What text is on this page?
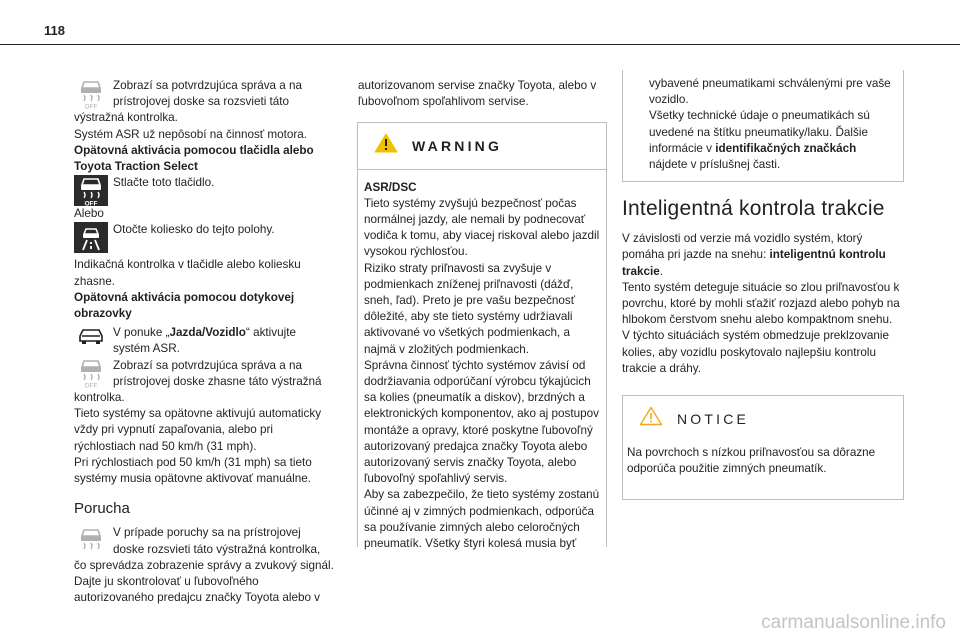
118
OFF
Zobrazí sa potvrdzujúca správa a na
prístrojovej doske sa rozsvieti táto
výstražná kontrolka.
Systém ASR už nepôsobí na činnosť motora.
Opätovná aktivácia pomocou tlačidla alebo Toyota Traction Select
OFF
Stlačte toto tlačidlo.
Alebo
Otočte koliesko do tejto polohy.
Indikačná kontrolka v tlačidle alebo koliesku zhasne.
Opätovná aktivácia pomocou dotykovej obrazovky
V ponuke „Jazda/Vozidlo“ aktivujte systém ASR.
OFF
Zobrazí sa potvrdzujúca správa a na
prístrojovej doske zhasne táto výstražná
kontrolka.
Tieto systémy sa opätovne aktivujú automaticky vždy pri vypnutí zapaľovania, alebo pri rýchlostiach nad 50 km/h (31 mph).
Pri rýchlostiach pod 50 km/h (31 mph) sa tieto systémy musia opätovne aktivovať manuálne.
Porucha
V prípade poruchy sa na prístrojovej
doske rozsvieti táto výstražná kontrolka,
čo sprevádza zobrazenie správy a zvukový signál.
Dajte ju skontrolovať u ľubovoľného autorizovaného predajcu značky Toyota alebo v
autorizovanom servise značky Toyota, alebo v ľubovoľnom spoľahlivom servise.
WARNING
ASR/DSC
Tieto systémy zvyšujú bezpečnosť počas normálnej jazdy, ale nemali by podnecovať vodiča k tomu, aby viacej riskoval alebo jazdil vysokou rýchlosťou.
Riziko straty priľnavosti sa zvyšuje v podmienkach zníženej priľnavosti (dážď, sneh, ľad). Preto je pre vašu bezpečnosť dôležité, aby ste tieto systémy udržiavali aktivované vo všetkých podmienkach, a najmä v zložitých podmienkach.
Správna činnosť týchto systémov závisí od dodržiavania odporúčaní výrobcu týkajúcich sa kolies (pneumatík a diskov), brzdných a elektronických komponentov, ako aj postupov montáže a opravy, ktoré poskytne ľubovoľný autorizovaný predajca značky Toyota alebo autorizovaný servis značky Toyota, alebo ľubovoľný spoľahlivý servis.
Aby sa zabezpečilo, že tieto systémy zostanú účinné aj v zimných podmienkach, odporúča sa používanie zimných alebo celoročných pneumatík. Všetky štyri kolesá musia byť
vybavené pneumatikami schválenými pre vaše vozidlo.
Všetky technické údaje o pneumatikách sú uvedené na štítku pneumatiky/laku. Ďalšie informácie v identifikačných značkách nájdete v príslušnej časti.
Inteligentná kontrola trakcie
V závislosti od verzie má vozidlo systém, ktorý pomáha pri jazde na snehu: inteligentnú kontrolu trakcie.
Tento systém deteguje situácie so zlou priľnavosťou k povrchu, ktoré by mohli sťažiť rozjazd alebo pohyb na hlbokom čerstvom snehu alebo kompaktnom snehu.
V týchto situáciách systém obmedzuje preklzovanie kolies, aby vozidlu poskytovalo najlepšiu kontrolu trakcie a dráhy.
NOTICE
Na povrchoch s nízkou priľnavosťou sa dôrazne odporúča použitie zimných pneumatík.
carmanualsonline.info
